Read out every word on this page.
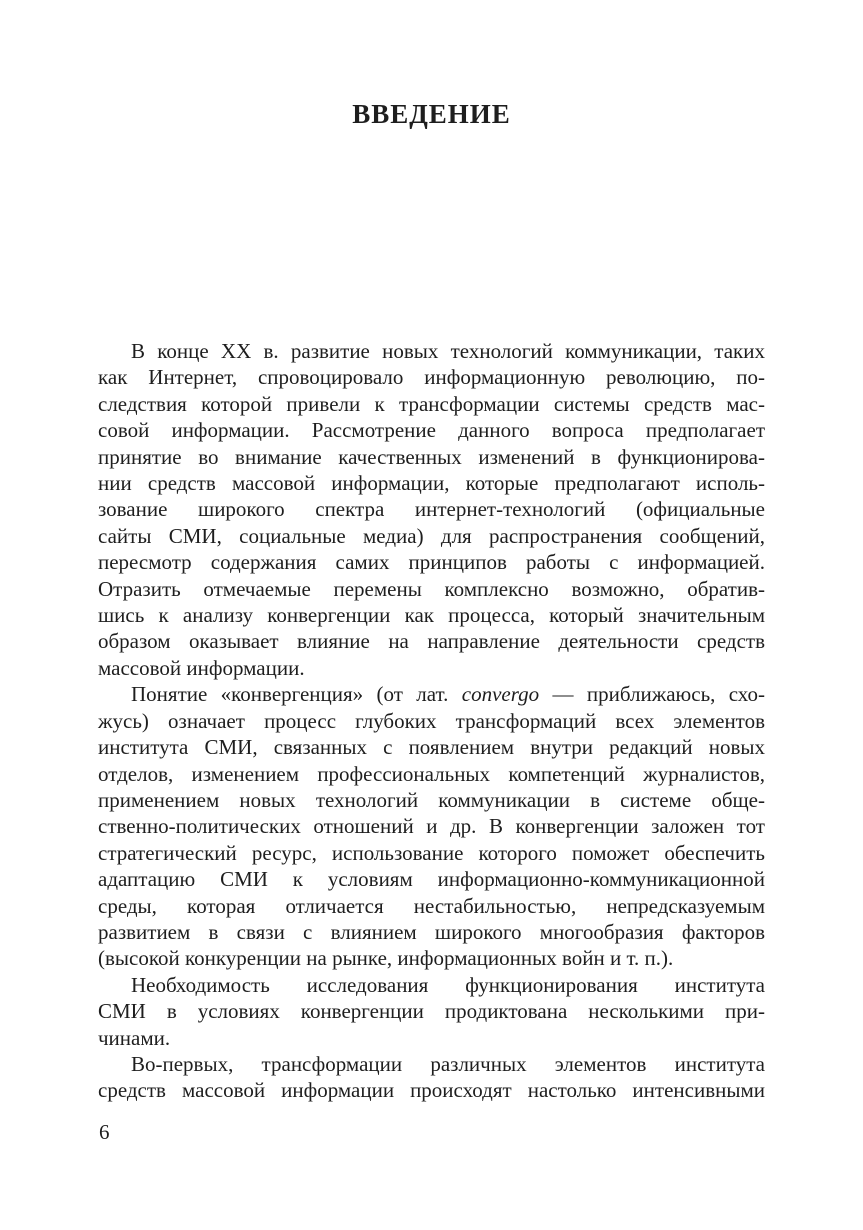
ВВЕДЕНИЕ
В конце XX в. развитие новых технологий коммуникации, таких
как Интернет, спровоцировало информационную революцию, по-
следствия которой привели к трансформации системы средств мас-
совой информации. Рассмотрение данного вопроса предполагает
принятие во внимание качественных изменений в функционирова-
нии средств массовой информации, которые предполагают исполь-
зование широкого спектра интернет-технологий (официальные
сайты СМИ, социальные медиа) для распространения сообщений,
пересмотр содержания самих принципов работы с информацией.
Отразить отмечаемые перемены комплексно возможно, обратив-
шись к анализу конвергенции как процесса, который значительным
образом оказывает влияние на направление деятельности средств
массовой информации.
Понятие «конвергенция» (от лат. convergo — приближаюсь, схо-
жусь) означает процесс глубоких трансформаций всех элементов
института СМИ, связанных с появлением внутри редакций новых
отделов, изменением профессиональных компетенций журналистов,
применением новых технологий коммуникации в системе обще-
ственно-политических отношений и др. В конвергенции заложен тот
стратегический ресурс, использование которого поможет обеспечить
адаптацию СМИ к условиям информационно-коммуникационной
среды, которая отличается нестабильностью, непредсказуемым
развитием в связи с влиянием широкого многообразия факторов
(высокой конкуренции на рынке, информационных войн и т. п.).
Необходимость исследования функционирования института
СМИ в условиях конвергенции продиктована несколькими при-
чинами.
Во-первых, трансформации различных элементов института
средств массовой информации происходят настолько интенсивными
6
